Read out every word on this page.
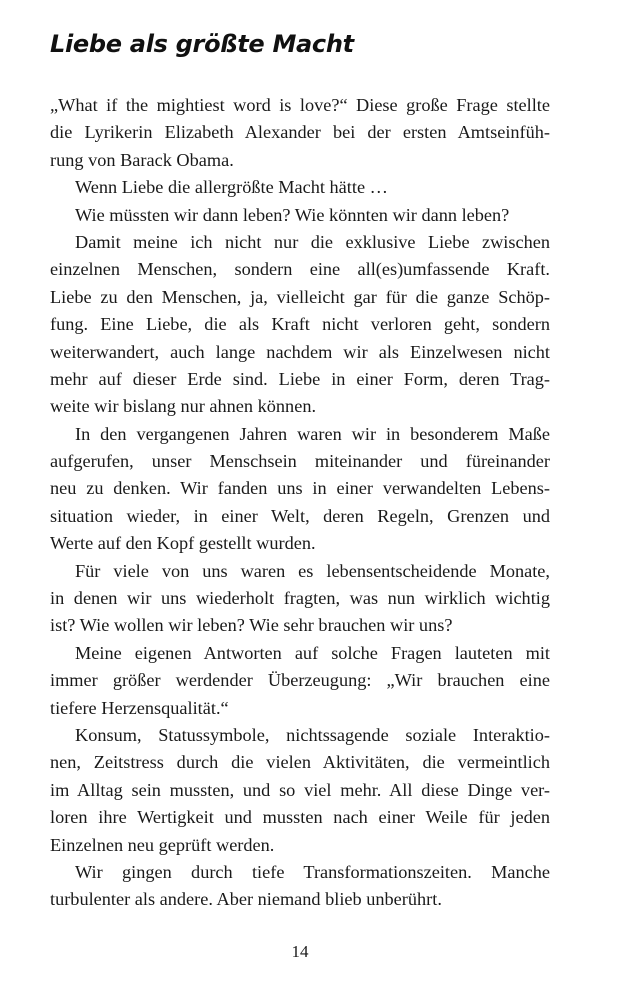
Liebe als größte Macht
„What if the mightiest word is love?“ Diese große Frage stellte
die Lyrikerin Elizabeth Alexander bei der ersten Amtseinfüh-
rung von Barack Obama.
Wenn Liebe die allergrößte Macht hätte …
Wie müssten wir dann leben? Wie könnten wir dann leben?
Damit meine ich nicht nur die exklusive Liebe zwischen
einzelnen Menschen, sondern eine all(es)umfassende Kraft.
Liebe zu den Menschen, ja, vielleicht gar für die ganze Schöp-
fung. Eine Liebe, die als Kraft nicht verloren geht, sondern
weiterwandert, auch lange nachdem wir als Einzelwesen nicht
mehr auf dieser Erde sind. Liebe in einer Form, deren Trag-
weite wir bislang nur ahnen können.
In den vergangenen Jahren waren wir in besonderem Maße
aufgerufen, unser Menschsein miteinander und füreinander
neu zu denken. Wir fanden uns in einer verwandelten Lebens-
situation wieder, in einer Welt, deren Regeln, Grenzen und
Werte auf den Kopf gestellt wurden.
Für viele von uns waren es lebensentscheidende Monate,
in denen wir uns wiederholt fragten, was nun wirklich wichtig
ist? Wie wollen wir leben? Wie sehr brauchen wir uns?
Meine eigenen Antworten auf solche Fragen lauteten mit
immer größer werdender Überzeugung: „Wir brauchen eine
tiefere Herzensqualität.“
Konsum, Statussymbole, nichtssagende soziale Interaktio-
nen, Zeitstress durch die vielen Aktivitäten, die vermeintlich
im Alltag sein mussten, und so viel mehr. All diese Dinge ver-
loren ihre Wertigkeit und mussten nach einer Weile für jeden
Einzelnen neu geprüft werden.
Wir gingen durch tiefe Transformationszeiten. Manche
turbulenter als andere. Aber niemand blieb unberührt.
14
